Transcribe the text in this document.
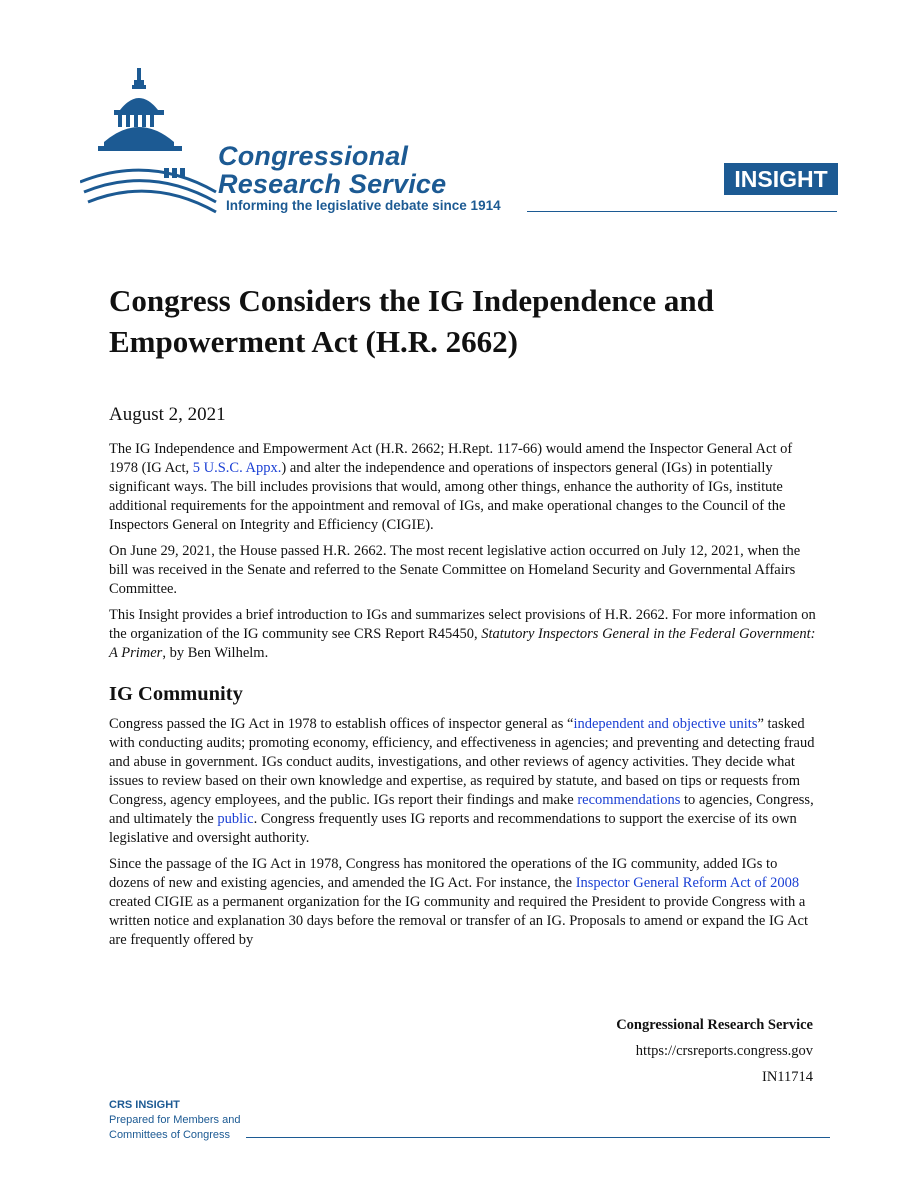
Congressional
Research Service
Informing the legislative debate since 1914
INSIGHT
Congress Considers the IG Independence and Empowerment Act (H.R. 2662)
August 2, 2021

The IG Independence and Empowerment Act (H.R. 2662; H.Rept. 117-66) would amend the Inspector General Act of 1978 (IG Act, 5 U.S.C. Appx.) and alter the independence and operations of inspectors general (IGs) in potentially significant ways. The bill includes provisions that would, among other things, enhance the authority of IGs, institute additional requirements for the appointment and removal of IGs, and make operational changes to the Council of the Inspectors General on Integrity and Efficiency (CIGIE).

On June 29, 2021, the House passed H.R. 2662. The most recent legislative action occurred on July 12, 2021, when the bill was received in the Senate and referred to the Senate Committee on Homeland Security and Governmental Affairs Committee.

This Insight provides a brief introduction to IGs and summarizes select provisions of H.R. 2662. For more information on the organization of the IG community see CRS Report R45450, Statutory Inspectors General in the Federal Government: A Primer, by Ben Wilhelm.

IG Community

Congress passed the IG Act in 1978 to establish offices of inspector general as “independent and objective units” tasked with conducting audits; promoting economy, efficiency, and effectiveness in agencies; and preventing and detecting fraud and abuse in government. IGs conduct audits, investigations, and other reviews of agency activities. They decide what issues to review based on their own knowledge and expertise, as required by statute, and based on tips or requests from Congress, agency employees, and the public. IGs report their findings and make recommendations to agencies, Congress, and ultimately the public. Congress frequently uses IG reports and recommendations to support the exercise of its own legislative and oversight authority.

Since the passage of the IG Act in 1978, Congress has monitored the operations of the IG community, added IGs to dozens of new and existing agencies, and amended the IG Act. For instance, the Inspector General Reform Act of 2008 created CIGIE as a permanent organization for the IG community and required the President to provide Congress with a written notice and explanation 30 days before the removal or transfer of an IG. Proposals to amend or expand the IG Act are frequently offered by

Congressional Research Service
https://crsreports.congress.gov
IN11714
CRS INSIGHT
Prepared for Members and
Committees of Congress
